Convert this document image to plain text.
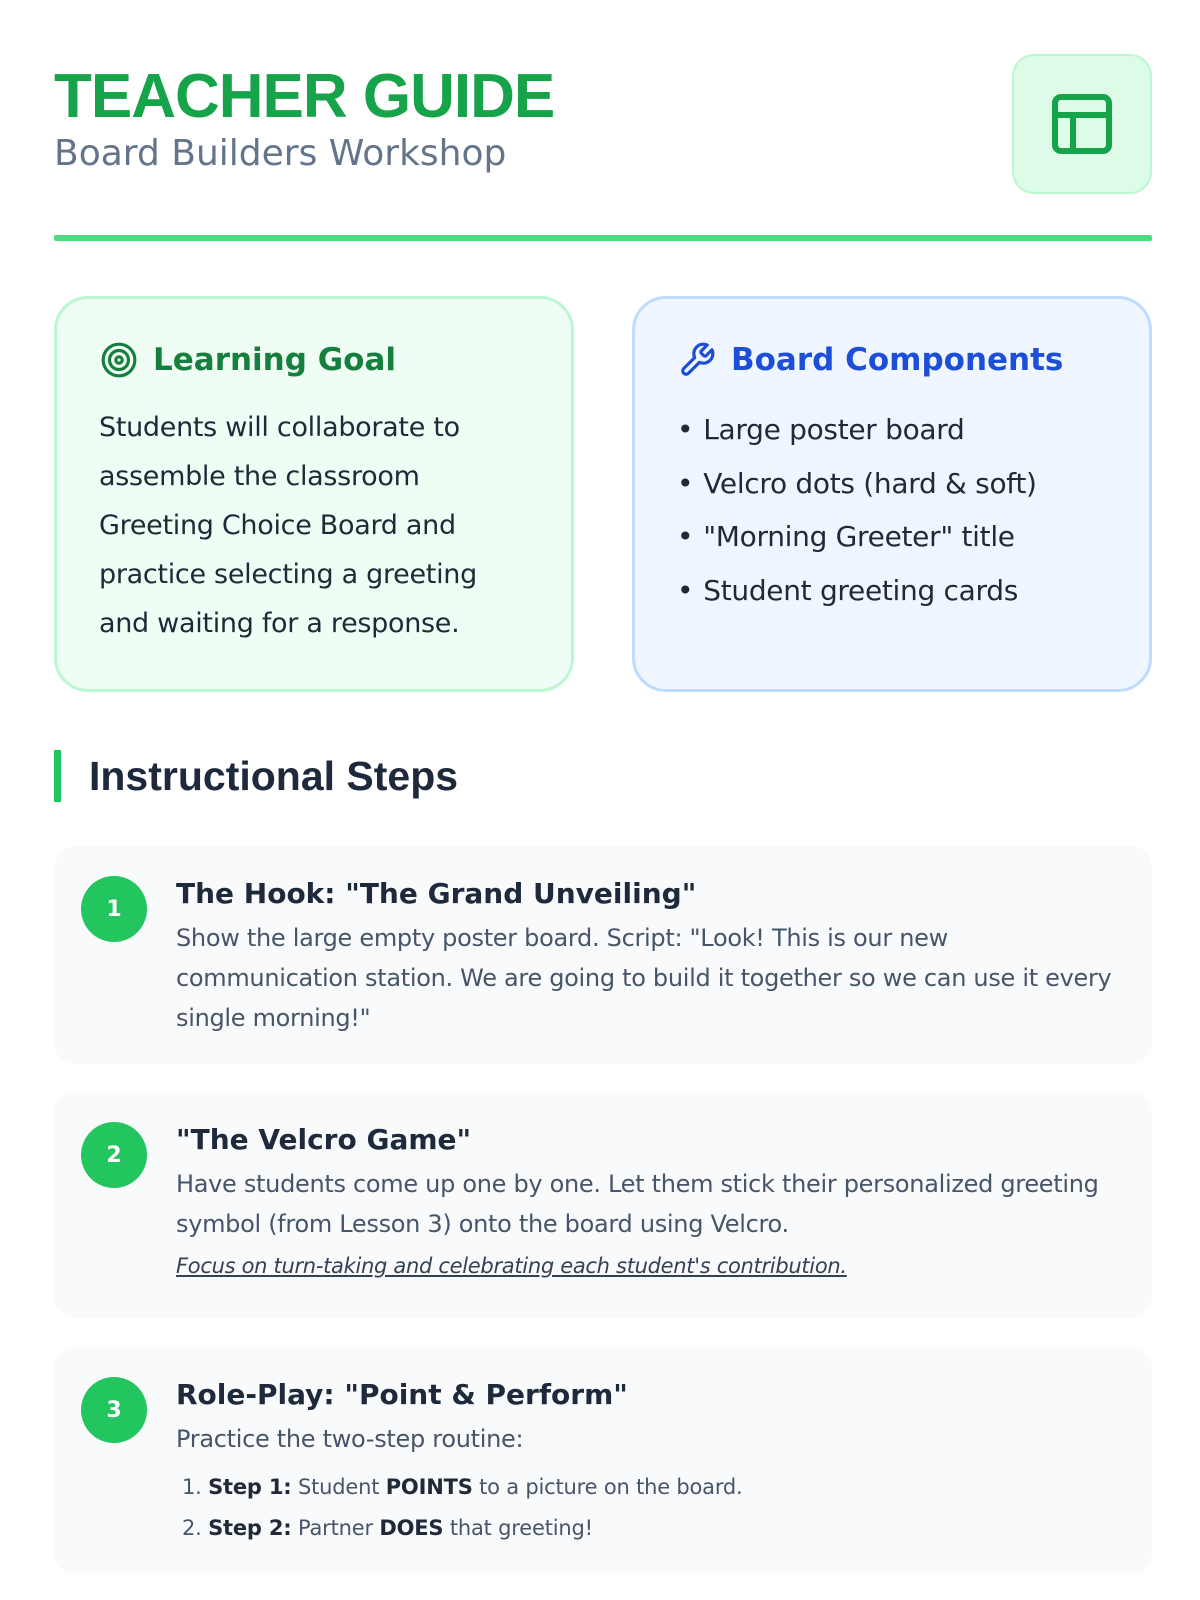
TEACHER GUIDE
Board Builders Workshop
Learning Goal

Students will collaborate to assemble the classroom Greeting Choice Board and practice selecting a greeting and waiting for a response.

Board Components
• Large poster board
• Velcro dots (hard & soft)
• "Morning Greeter" title
• Student greeting cards
Instructional Steps
1	The Hook: "The Grand Unveiling"
Show the large empty poster board. Script: "Look! This is our new communication station. We are going to build it together so we can use it every single morning!"
2	"The Velcro Game"
Have students come up one by one. Let them stick their personalized greeting symbol (from Lesson 3) onto the board using Velcro.
Focus on turn-taking and celebrating each student's contribution.
3	Role-Play: "Point & Perform"
Practice the two-step routine:
1. Step 1: Student POINTS to a picture on the board.
2. Step 2: Partner DOES that greeting!
